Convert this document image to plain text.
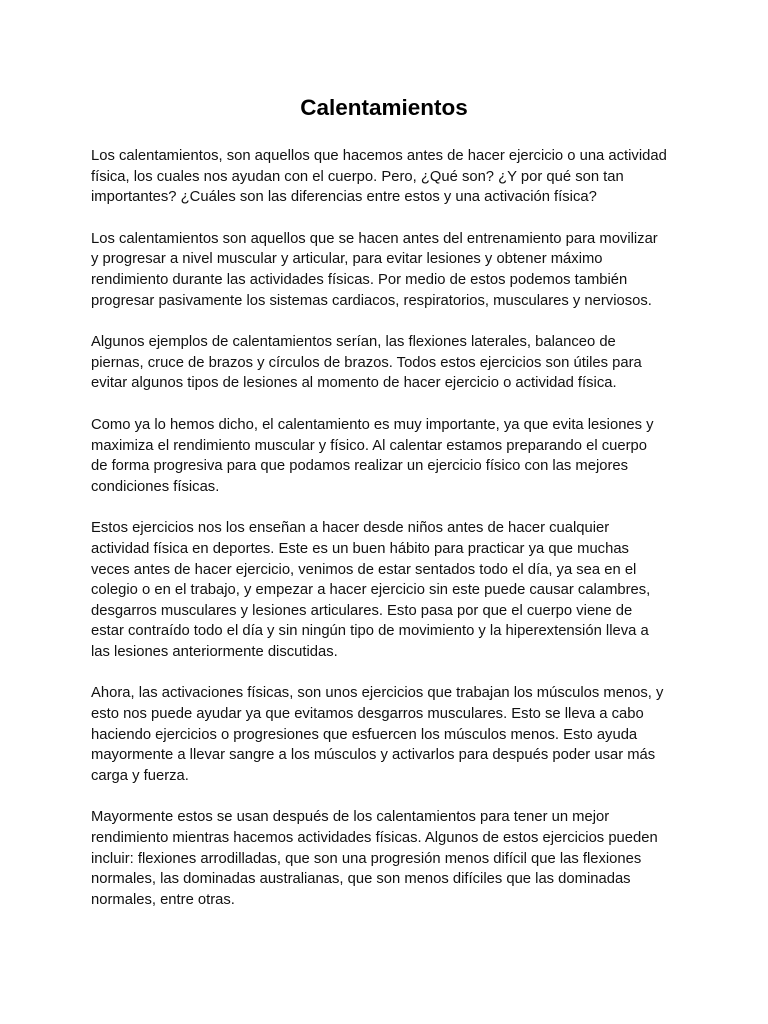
Calentamientos

Los calentamientos, son aquellos que hacemos antes de hacer ejercicio o una actividad
física, los cuales nos ayudan con el cuerpo. Pero, ¿Qué son? ¿Y por qué son tan
importantes? ¿Cuáles son las diferencias entre estos y una activación física?

Los calentamientos son aquellos que se hacen antes del entrenamiento para movilizar
y progresar a nivel muscular y articular, para evitar lesiones y obtener máximo
rendimiento durante las actividades físicas. Por medio de estos podemos también
progresar pasivamente los sistemas cardiacos, respiratorios, musculares y nerviosos.

Algunos ejemplos de calentamientos serían, las flexiones laterales, balanceo de
piernas, cruce de brazos y círculos de brazos. Todos estos ejercicios son útiles para
evitar algunos tipos de lesiones al momento de hacer ejercicio o actividad física.

Como ya lo hemos dicho, el calentamiento es muy importante, ya que evita lesiones y
maximiza el rendimiento muscular y físico. Al calentar estamos preparando el cuerpo
de forma progresiva para que podamos realizar un ejercicio físico con las mejores
condiciones físicas.

Estos ejercicios nos los enseñan a hacer desde niños antes de hacer cualquier
actividad física en deportes. Este es un buen hábito para practicar ya que muchas
veces antes de hacer ejercicio, venimos de estar sentados todo el día, ya sea en el
colegio o en el trabajo, y empezar a hacer ejercicio sin este puede causar calambres,
desgarros musculares y lesiones articulares. Esto pasa por que el cuerpo viene de
estar contraído todo el día y sin ningún tipo de movimiento y la hiperextensión lleva a
las lesiones anteriormente discutidas.

Ahora, las activaciones físicas, son unos ejercicios que trabajan los músculos menos, y
esto nos puede ayudar ya que evitamos desgarros musculares. Esto se lleva a cabo
haciendo ejercicios o progresiones que esfuercen los músculos menos. Esto ayuda
mayormente a llevar sangre a los músculos y activarlos para después poder usar más
carga y fuerza.

Mayormente estos se usan después de los calentamientos para tener un mejor
rendimiento mientras hacemos actividades físicas. Algunos de estos ejercicios pueden
incluir: flexiones arrodilladas, que son una progresión menos difícil que las flexiones
normales, las dominadas australianas, que son menos difíciles que las dominadas
normales, entre otras.
